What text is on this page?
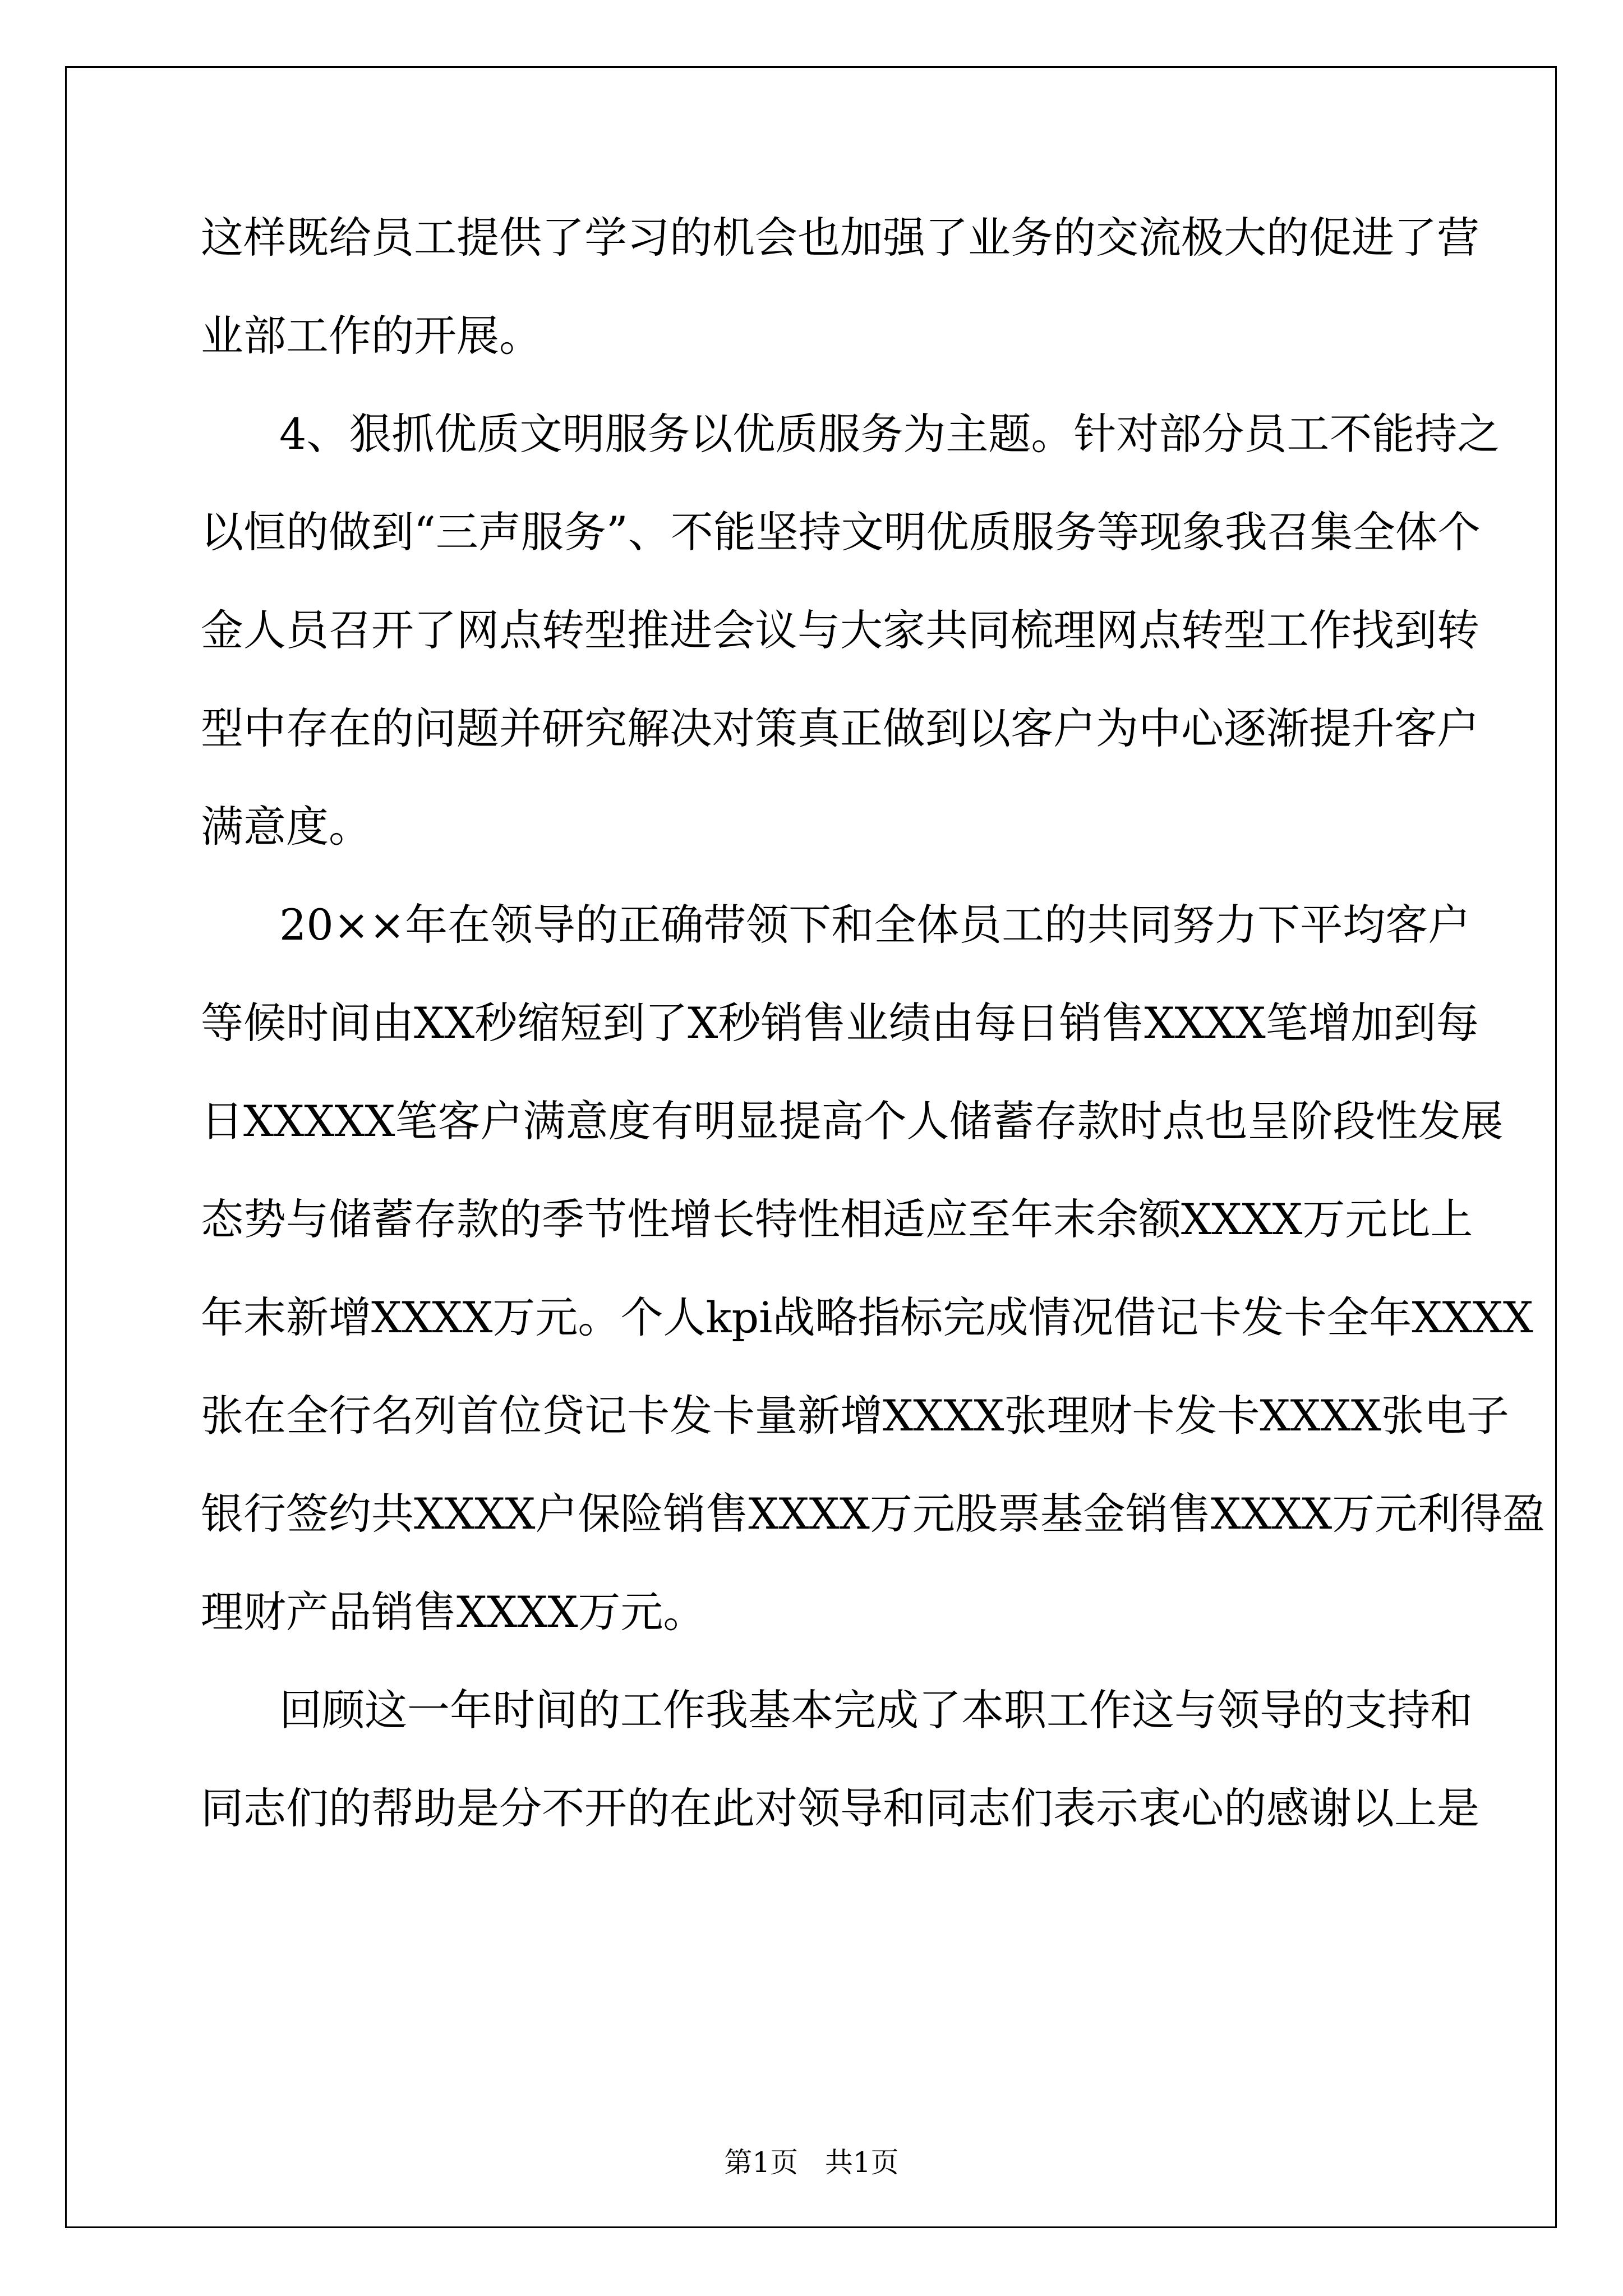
这样既给员工提供了学习的机会也加强了业务的交流极大的促进了营
业部工作的开展。
4、狠抓优质文明服务以优质服务为主题。针对部分员工不能持之
以恒的做到“三声服务”、不能坚持文明优质服务等现象我召集全体个
金人员召开了网点转型推进会议与大家共同梳理网点转型工作找到转
型中存在的问题并研究解决对策真正做到以客户为中心逐渐提升客户
满意度。
20××年在领导的正确带领下和全体员工的共同努力下平均客户
等候时间由XX秒缩短到了X秒销售业绩由每日销售XXXX笔增加到每
日XXXXX笔客户满意度有明显提高个人储蓄存款时点也呈阶段性发展
态势与储蓄存款的季节性增长特性相适应至年末余额XXXX万元比上
年末新增XXXX万元。个人kpi战略指标完成情况借记卡发卡全年XXXX
张在全行名列首位贷记卡发卡量新增XXXX张理财卡发卡XXXX张电子
银行签约共XXXX户保险销售XXXX万元股票基金销售XXXX万元利得盈
理财产品销售XXXX万元。
回顾这一年时间的工作我基本完成了本职工作这与领导的支持和
同志们的帮助是分不开的在此对领导和同志们表示衷心的感谢以上是
第1页   共1页
